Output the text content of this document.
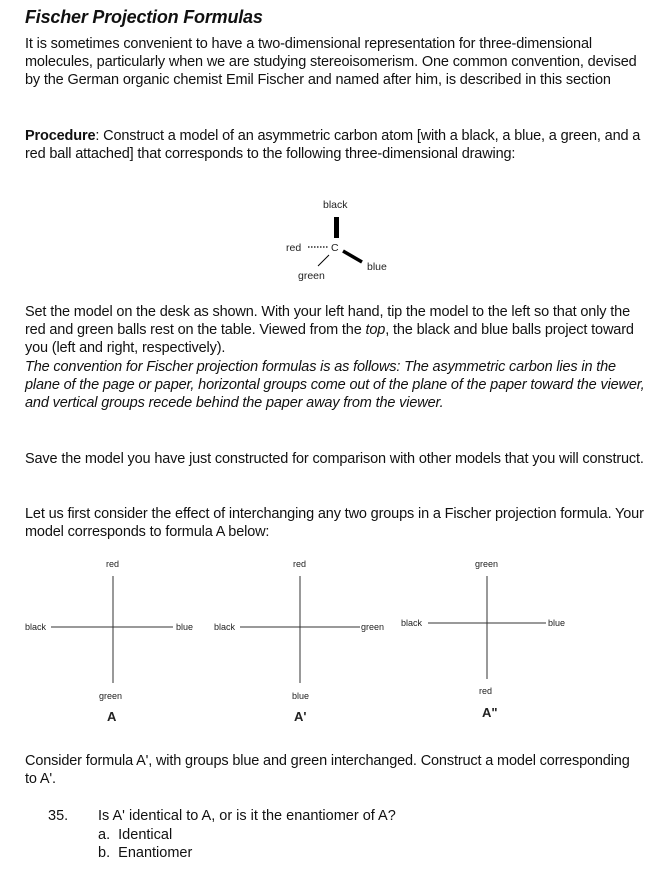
Fischer Projection Formulas
It is sometimes convenient to have a two-dimensional representation for three-dimensional molecules, particularly when we are studying stereoisomerism. One common convention, devised by the German organic chemist Emil Fischer and named after him, is described in this section
Procedure: Construct a model of an asymmetric carbon atom [with a black, a blue, a green, and a red ball attached] that corresponds to the following three-dimensional drawing:
black
red	C
blue
green
Set the model on the desk as shown. With your left hand, tip the model to the left so that only the red and green balls rest on the table. Viewed from the top, the black and blue balls project toward you (left and right, respectively).
The convention for Fischer projection formulas is as follows: The asymmetric carbon lies in the plane of the page or paper, horizontal groups come out of the plane of the paper toward the viewer, and vertical groups recede behind the paper away from the viewer.
Save the model you have just constructed for comparison with other models that you will construct.
Let us first consider the effect of interchanging any two groups in a Fischer projection formula. Your model corresponds to formula A below:
red
black	blue
green
A
red
black	green
blue
A'
green
black	blue
red
A"
Consider formula A', with groups blue and green interchanged. Construct a model corresponding to A'.
35. Is A' identical to A, or is it the enantiomer of A?
a. Identical
b. Enantiomer
